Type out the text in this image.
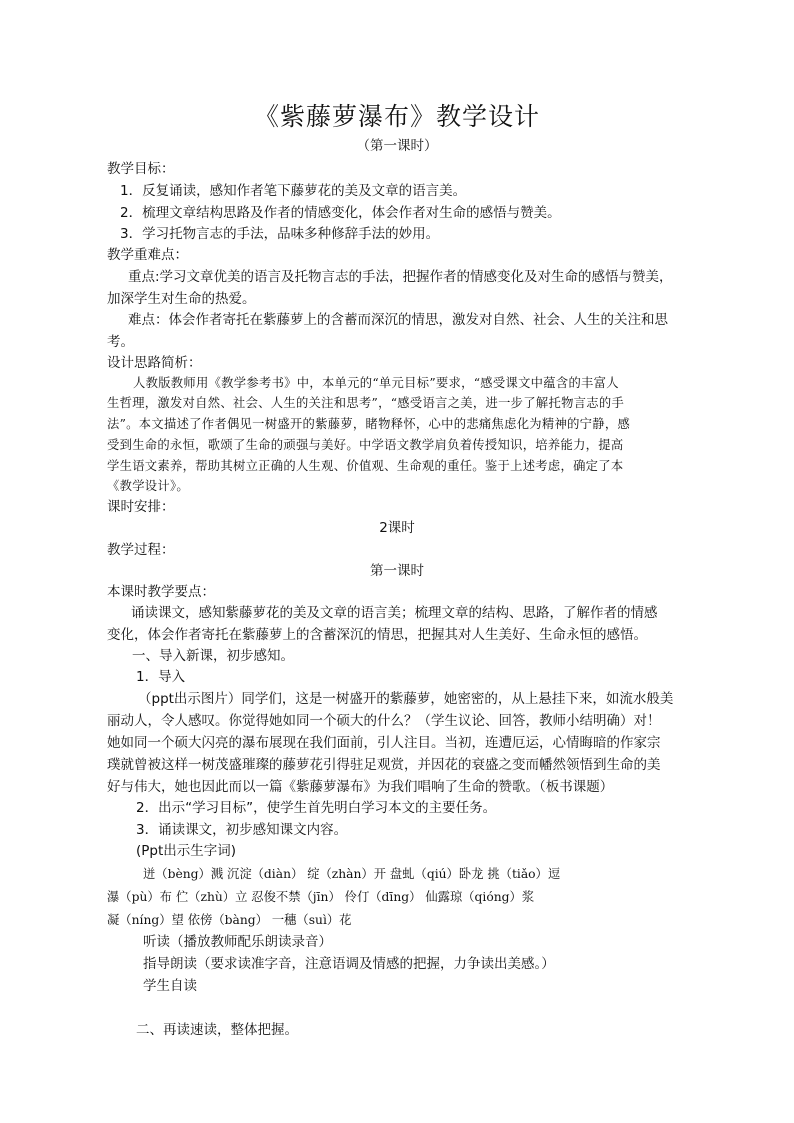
《紫藤萝瀑布》教学设计
（第一课时）
教学目标：
1．反复诵读，感知作者笔下藤萝花的美及文章的语言美。
2．梳理文章结构思路及作者的情感变化，体会作者对生命的感悟与赞美。
3．学习托物言志的手法，品味多种修辞手法的妙用。
教学重难点：
重点:学习文章优美的语言及托物言志的手法，把握作者的情感变化及对生命的感悟与赞美，
加深学生对生命的热爱。
难点：体会作者寄托在紫藤萝上的含蓄而深沉的情思，激发对自然、社会、人生的关注和思
考。
设计思路简析：
人教版教师用《教学参考书》中，本单元的“单元目标”要求，“感受课文中蕴含的丰富人
生哲理，激发对自然、社会、人生的关注和思考”，“感受语言之美，进一步了解托物言志的手
法”。本文描述了作者偶见一树盛开的紫藤萝，睹物释怀，心中的悲痛焦虑化为精神的宁静，感
受到生命的永恒，歌颂了生命的顽强与美好。中学语文教学肩负着传授知识，培养能力，提高
学生语文素养，帮助其树立正确的人生观、价值观、生命观的重任。鉴于上述考虑，确定了本
《教学设计》。
课时安排：
2课时
教学过程：
第一课时
本课时教学要点：
诵读课文，感知紫藤萝花的美及文章的语言美；梳理文章的结构、思路，了解作者的情感
变化，体会作者寄托在紫藤萝上的含蓄深沉的情思，把握其对人生美好、生命永恒的感悟。
一、导入新课，初步感知。
1．导入
（ppt出示图片）同学们，这是一树盛开的紫藤萝，她密密的，从上悬挂下来，如流水般美
丽动人，令人感叹。你觉得她如同一个硕大的什么？（学生议论、回答，教师小结明确）对！
她如同一个硕大闪亮的瀑布展现在我们面前，引人注目。当初，连遭厄运，心情晦暗的作家宗
璞就曾被这样一树茂盛璀璨的藤萝花引得驻足观赏，并因花的衰盛之变而幡然领悟到生命的美
好与伟大，她也因此而以一篇《紫藤萝瀑布》为我们唱响了生命的赞歌。（板书课题）
2．出示“学习目标”，使学生首先明白学习本文的主要任务。
3．诵读课文，初步感知课文内容。
(Ppt出示生字词)
迸（bèng）溅 沉淀（diàn） 绽（zhàn）开 盘虬（qiú）卧龙 挑（tiǎo）逗
瀑（pù）布 伫（zhù）立 忍俊不禁（jīn） 伶仃（dīng） 仙露琼（qióng）浆
凝（níng）望 依傍（bàng） 一穗（suì）花
听读（播放教师配乐朗读录音）
指导朗读（要求读准字音，注意语调及情感的把握，力争读出美感。）
学生自读
二、再读速读，整体把握。
